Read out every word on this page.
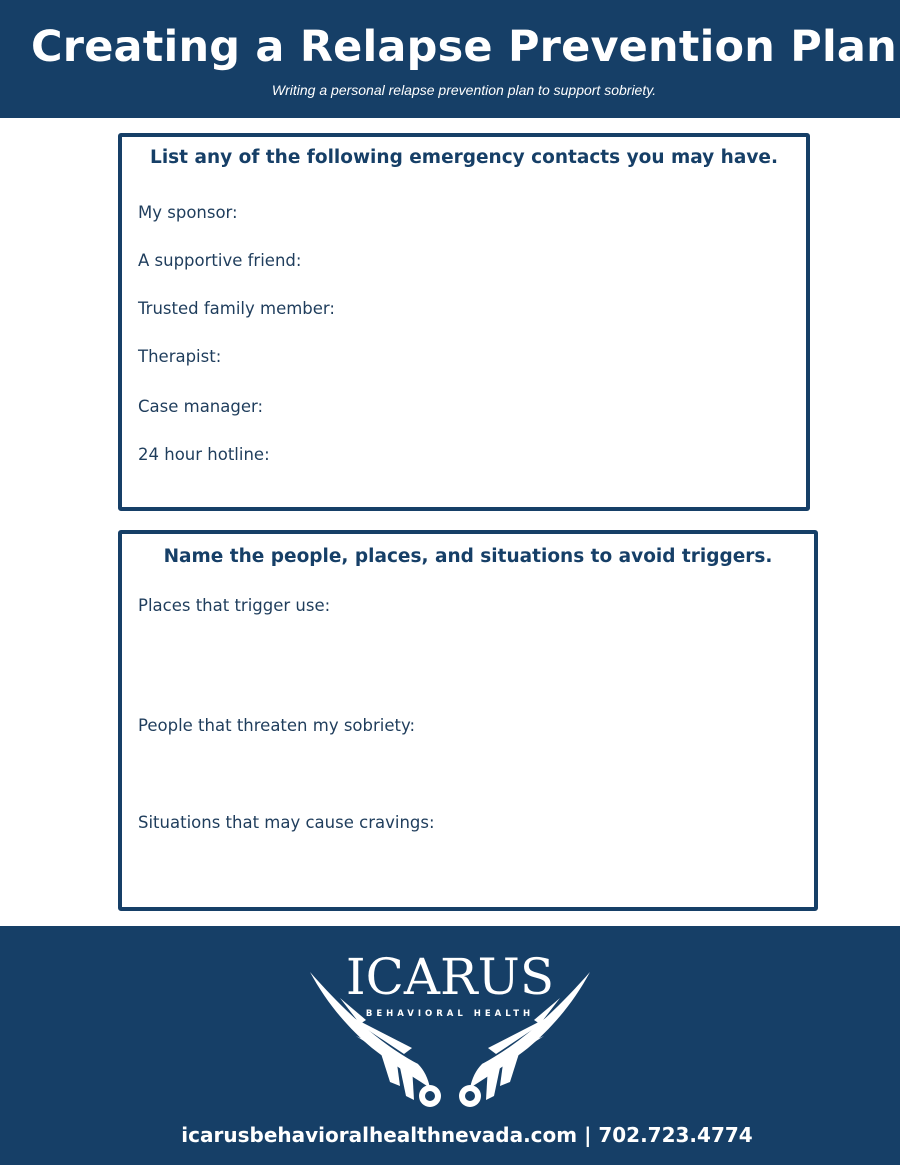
Creating a Relapse Prevention Plan
Writing a personal relapse prevention plan to support sobriety.
List any of the following emergency contacts you may have.
My sponsor:
A supportive friend:
Trusted family member:
Therapist:
Case manager:
24 hour hotline:
Name the people, places, and situations to avoid triggers.
Places that trigger use:
People that threaten my sobriety:
Situations that may cause cravings:
ICARUS
BEHAVIORAL HEALTH
icarusbehavioralhealthnevada.com | 702.723.4774
